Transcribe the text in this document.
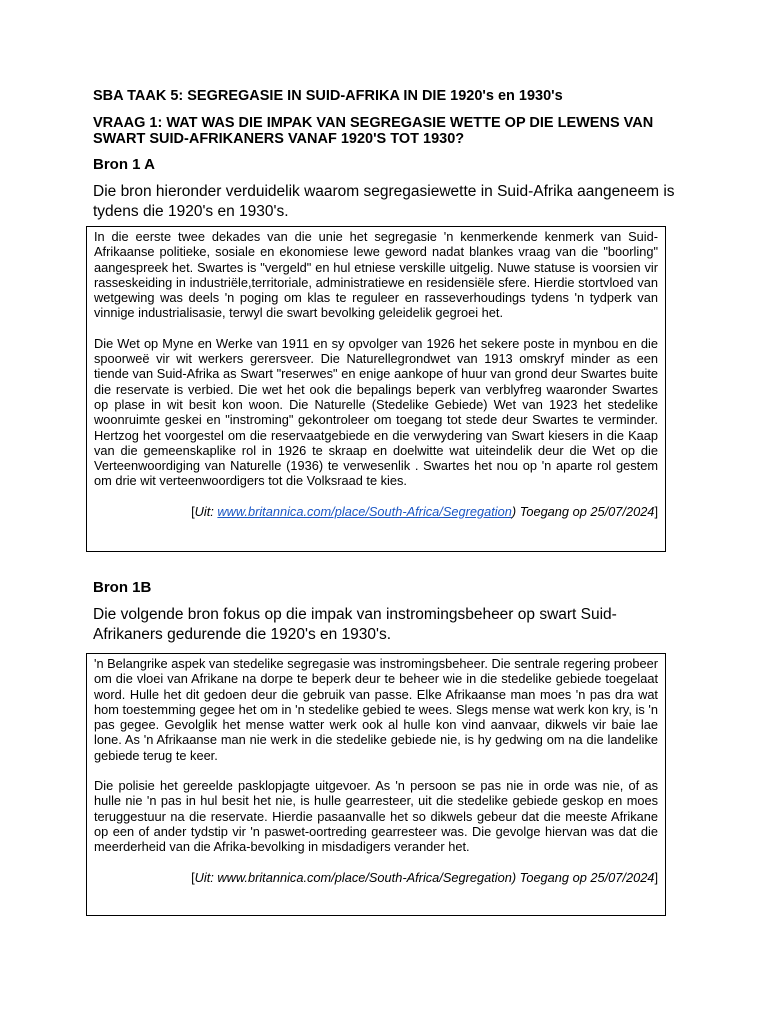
SBA TAAK 5: SEGREGASIE IN SUID-AFRIKA IN DIE 1920's en 1930's
VRAAG 1: WAT WAS DIE IMPAK VAN SEGREGASIE WETTE OP DIE LEWENS VAN SWART SUID-AFRIKANERS VANAF 1920'S TOT 1930?
Bron 1 A

Die bron hieronder verduidelik waarom segregasiewette in Suid-Afrika aangeneem is tydens die 1920's en 1930's.

In die eerste twee dekades van die unie het segregasie 'n kenmerkende kenmerk van Suid-Afrikaanse politieke, sosiale en ekonomiese lewe geword nadat blankes vraag van die "boorling" aangespreek het. Swartes is "vergeld" en hul etniese verskille uitgelig. Nuwe statuse is voorsien vir rasseskeiding in industriële,territoriale, administratiewe en residensiële sfere. Hierdie stortvloed van wetgewing was deels 'n poging om klas te reguleer en rasseverhoudings tydens 'n tydperk van vinnige industrialisasie, terwyl die swart bevolking geleidelik gegroei het.

Die Wet op Myne en Werke van 1911 en sy opvolger van 1926 het sekere poste in mynbou en die spoorweë vir wit werkers gerersveer. Die Naturellegrondwet van 1913 omskryf minder as een tiende van Suid-Afrika as Swart "reserwes" en enige aankope of huur van grond deur Swartes buite die reservate is verbied. Die wet het ook die bepalings beperk van verblyfreg waaronder Swartes op plase in wit besit kon woon. Die Naturelle (Stedelike Gebiede) Wet van 1923 het stedelike woonruimte geskei en "instroming" gekontroleer om toegang tot stede deur Swartes te verminder. Hertzog het voorgestel om die reservaatgebiede en die verwydering van Swart kiesers in die Kaap van die gemeenskaplike rol in 1926 te skraap en doelwitte wat uiteindelik deur die Wet op die Verteenwoordiging van Naturelle (1936) te verwesenlik . Swartes het nou op 'n aparte rol gestem om drie wit verteenwoordigers tot die Volksraad te kies.

[Uit: www.britannica.com/place/South-Africa/Segregation) Toegang op 25/07/2024]
Bron 1B

Die volgende bron fokus op die impak van instromingsbeheer op swart Suid-Afrikaners gedurende die 1920's en 1930's.

'n Belangrike aspek van stedelike segregasie was instromingsbeheer. Die sentrale regering probeer om die vloei van Afrikane na dorpe te beperk deur te beheer wie in die stedelike gebiede toegelaat word. Hulle het dit gedoen deur die gebruik van passe. Elke Afrikaanse man moes 'n pas dra wat hom toestemming gegee het om in 'n stedelike gebied te wees. Slegs mense wat werk kon kry, is 'n pas gegee. Gevolglik het mense watter werk ook al hulle kon vind aanvaar, dikwels vir baie lae lone. As 'n Afrikaanse man nie werk in die stedelike gebiede nie, is hy gedwing om na die landelike gebiede terug te keer.

Die polisie het gereelde pasklopjagte uitgevoer. As 'n persoon se pas nie in orde was nie, of as hulle nie 'n pas in hul besit het nie, is hulle gearresteer, uit die stedelike gebiede geskop en moes teruggestuur na die reservate. Hierdie pasaanvalle het so dikwels gebeur dat die meeste Afrikane op een of ander tydstip vir 'n paswet-oortreding gearresteer was. Die gevolge hiervan was dat die meerderheid van die Afrika-bevolking in misdadigers verander het.

[Uit: www.britannica.com/place/South-Africa/Segregation) Toegang op 25/07/2024]
